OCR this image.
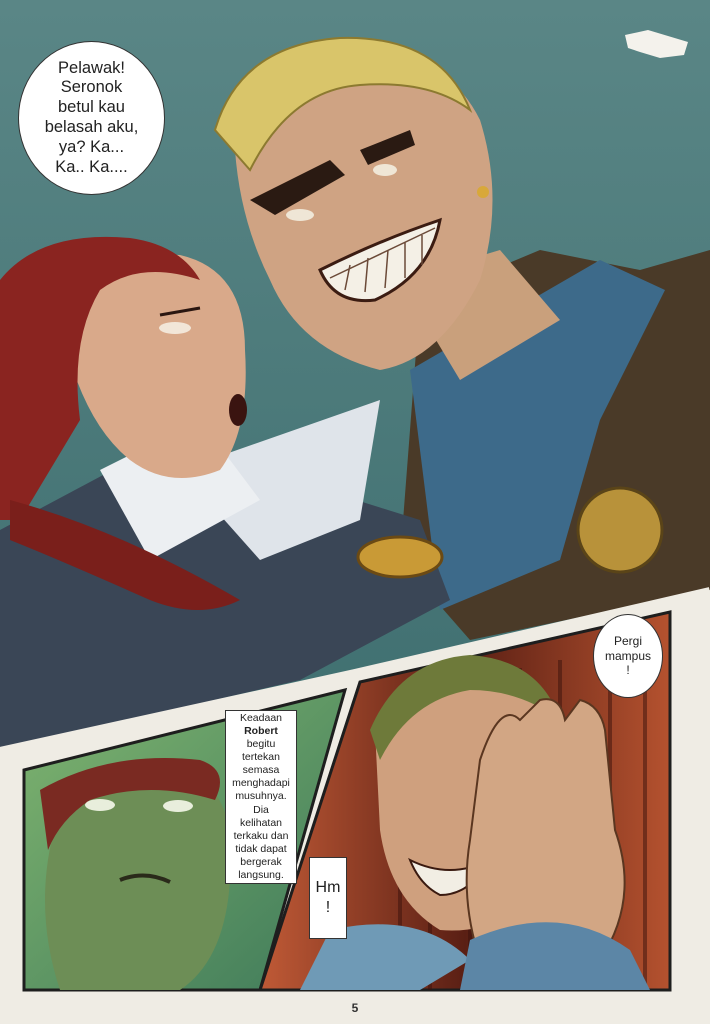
Pelawak!
Seronok
betul kau
belasah aku,
ya? Ka...
Ka.. Ka....
Pergi
mampus
!
Keadaan
Robert
begitu
tertekan
semasa
menghadapi
musuhnya.
Dia
kelihatan
terkaku dan
tidak dapat
bergerak
langsung.
Hm
!
5
